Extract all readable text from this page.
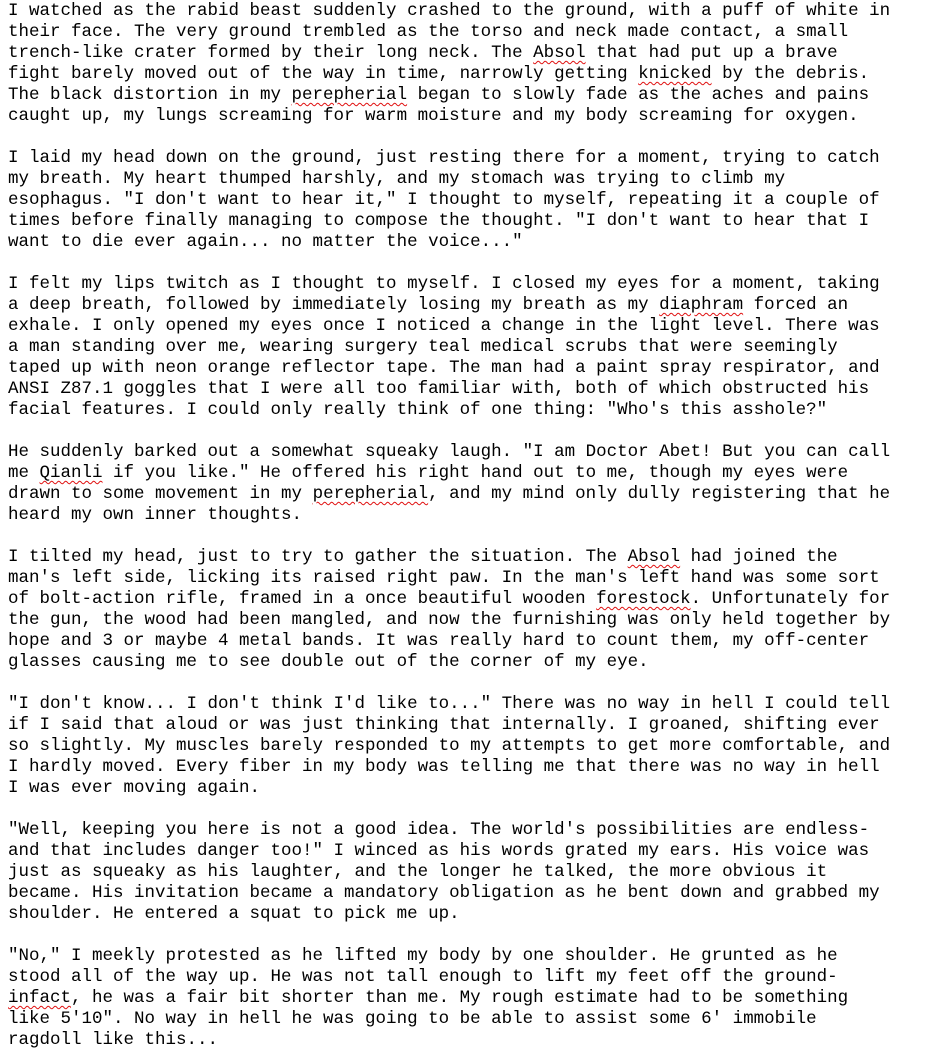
I watched as the rabid beast suddenly crashed to the ground, with a puff of white in
their face. The very ground trembled as the torso and neck made contact, a small
trench-like crater formed by their long neck. The Absol that had put up a brave
fight barely moved out of the way in time, narrowly getting knicked by the debris.
The black distortion in my perepherial began to slowly fade as the aches and pains
caught up, my lungs screaming for warm moisture and my body screaming for oxygen.
I laid my head down on the ground, just resting there for a moment, trying to catch
my breath. My heart thumped harshly, and my stomach was trying to climb my
esophagus. "I don't want to hear it," I thought to myself, repeating it a couple of
times before finally managing to compose the thought. "I don't want to hear that I
want to die ever again... no matter the voice..."
I felt my lips twitch as I thought to myself. I closed my eyes for a moment, taking
a deep breath, followed by immediately losing my breath as my diaphram forced an
exhale. I only opened my eyes once I noticed a change in the light level. There was
a man standing over me, wearing surgery teal medical scrubs that were seemingly
taped up with neon orange reflector tape. The man had a paint spray respirator, and
ANSI Z87.1 goggles that I were all too familiar with, both of which obstructed his
facial features. I could only really think of one thing: "Who's this asshole?"
He suddenly barked out a somewhat squeaky laugh. "I am Doctor Abet! But you can call
me Qianli if you like." He offered his right hand out to me, though my eyes were
drawn to some movement in my perepherial, and my mind only dully registering that he
heard my own inner thoughts.
I tilted my head, just to try to gather the situation. The Absol had joined the
man's left side, licking its raised right paw. In the man's left hand was some sort
of bolt-action rifle, framed in a once beautiful wooden forestock. Unfortunately for
the gun, the wood had been mangled, and now the furnishing was only held together by
hope and 3 or maybe 4 metal bands. It was really hard to count them, my off-center
glasses causing me to see double out of the corner of my eye.
"I don't know... I don't think I'd like to..." There was no way in hell I could tell
if I said that aloud or was just thinking that internally. I groaned, shifting ever
so slightly. My muscles barely responded to my attempts to get more comfortable, and
I hardly moved. Every fiber in my body was telling me that there was no way in hell
I was ever moving again.
"Well, keeping you here is not a good idea. The world's possibilities are endless-
and that includes danger too!" I winced as his words grated my ears. His voice was
just as squeaky as his laughter, and the longer he talked, the more obvious it
became. His invitation became a mandatory obligation as he bent down and grabbed my
shoulder. He entered a squat to pick me up.
"No," I meekly protested as he lifted my body by one shoulder. He grunted as he
stood all of the way up. He was not tall enough to lift my feet off the ground-
infact, he was a fair bit shorter than me. My rough estimate had to be something
like 5'10". No way in hell he was going to be able to assist some 6' immobile
ragdoll like this...
